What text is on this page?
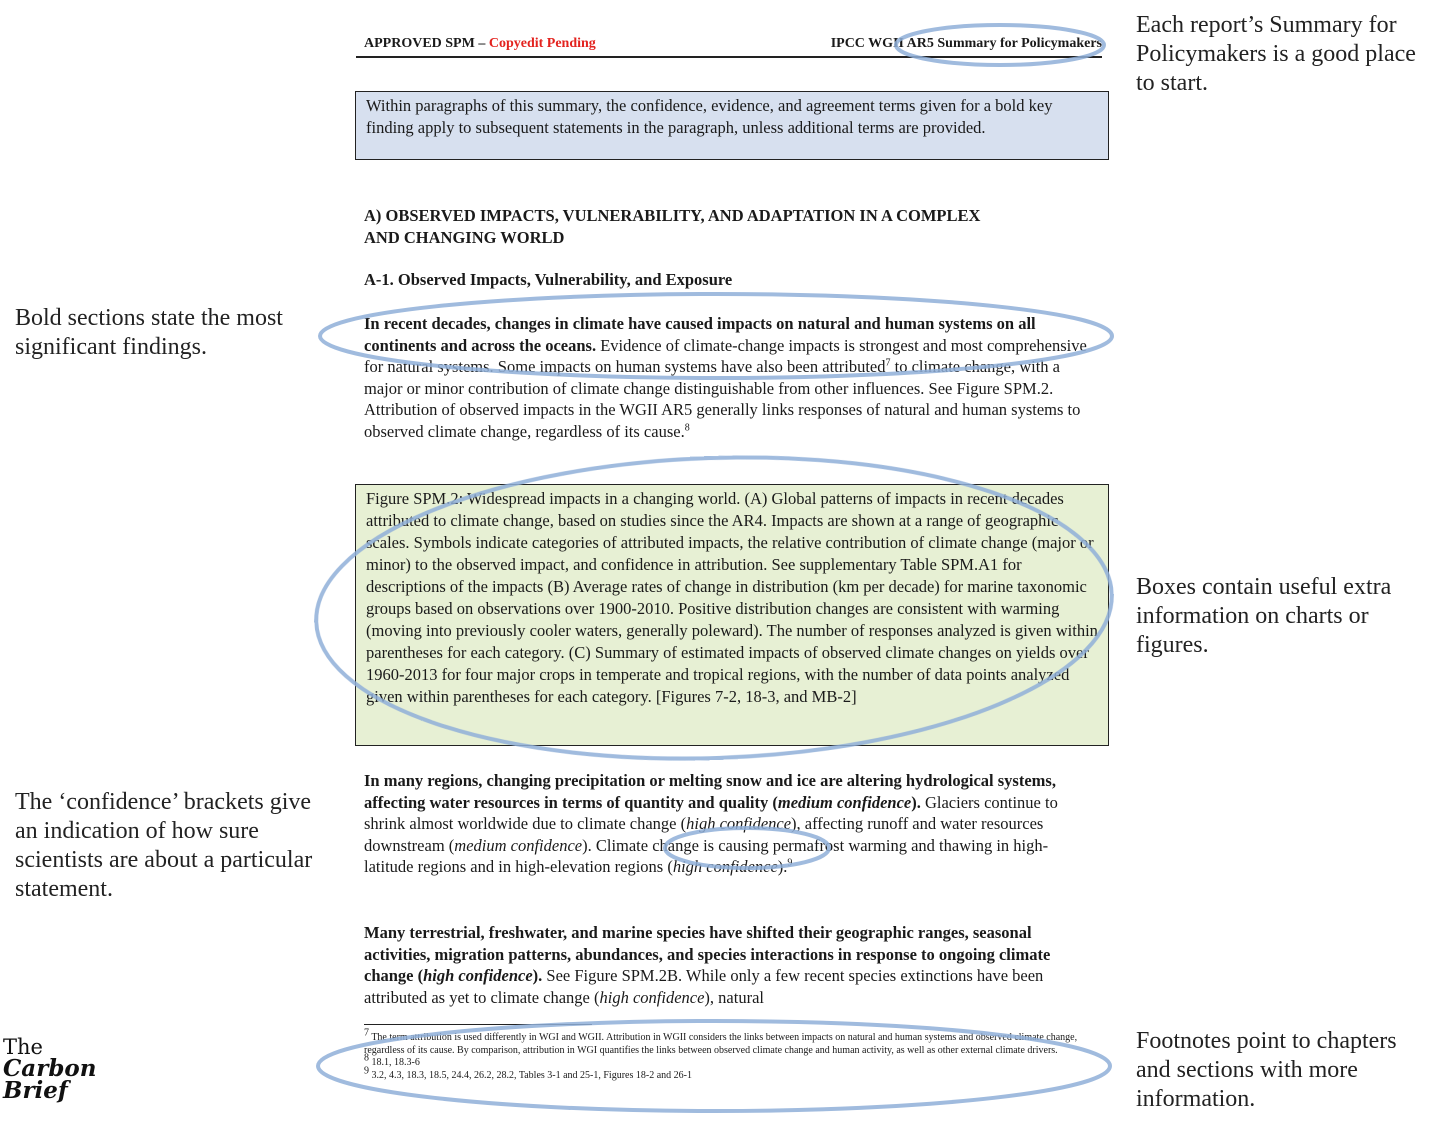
APPROVED SPM – Copyedit Pending	IPCC WGII AR5 Summary for Policymakers
Within paragraphs of this summary, the confidence, evidence, and agreement terms given for a bold key finding apply to subsequent statements in the paragraph, unless additional terms are provided.
A) OBSERVED IMPACTS, VULNERABILITY, AND ADAPTATION IN A COMPLEX
AND CHANGING WORLD
A-1. Observed Impacts, Vulnerability, and Exposure
In recent decades, changes in climate have caused impacts on natural and human systems on all continents and across the oceans. Evidence of climate-change impacts is strongest and most comprehensive for natural systems. Some impacts on human systems have also been attributed$^7$ to climate change, with a major or minor contribution of climate change distinguishable from other influences. See Figure SPM.2. Attribution of observed impacts in the WGII AR5 generally links responses of natural and human systems to observed climate change, regardless of its cause.$^8$
Figure SPM.2: Widespread impacts in a changing world. (A) Global patterns of impacts in recent decades attributed to climate change, based on studies since the AR4. Impacts are shown at a range of geographic scales. Symbols indicate categories of attributed impacts, the relative contribution of climate change (major or minor) to the observed impact, and confidence in attribution. See supplementary Table SPM.A1 for descriptions of the impacts (B) Average rates of change in distribution (km per decade) for marine taxonomic groups based on observations over 1900-2010. Positive distribution changes are consistent with warming (moving into previously cooler waters, generally poleward). The number of responses analyzed is given within parentheses for each category. (C) Summary of estimated impacts of observed climate changes on yields over 1960-2013 for four major crops in temperate and tropical regions, with the number of data points analyzed given within parentheses for each category. [Figures 7-2, 18-3, and MB-2]
In many regions, changing precipitation or melting snow and ice are altering hydrological systems, affecting water resources in terms of quantity and quality (medium confidence). Glaciers continue to shrink almost worldwide due to climate change (high confidence), affecting runoff and water resources downstream (medium confidence). Climate change is causing permafrost warming and thawing in high-latitude regions and in high-elevation regions (high confidence).$^9$
Many terrestrial, freshwater, and marine species have shifted their geographic ranges, seasonal activities, migration patterns, abundances, and species interactions in response to ongoing climate change (high confidence). See Figure SPM.2B. While only a few recent species extinctions have been attributed as yet to climate change (high confidence), natural
7 The term attribution is used differently in WGI and WGII. Attribution in WGII considers the links between impacts on natural and human systems and observed climate change, regardless of its cause. By comparison, attribution in WGI quantifies the links between observed climate change and human activity, as well as other external climate drivers.
8 18.1, 18.3-6
9 3.2, 4.3, 18.3, 18.5, 24.4, 26.2, 28.2, Tables 3-1 and 25-1, Figures 18-2 and 26-1
Each report’s Summary for Policymakers is a good place to start.
Bold sections state the most significant findings.
Boxes contain useful extra information on charts or figures.
The ‘confidence’ brackets give an indication of how sure scientists are about a particular statement.
Footnotes point to chapters and sections with more information.
The
Carbon
Brief
